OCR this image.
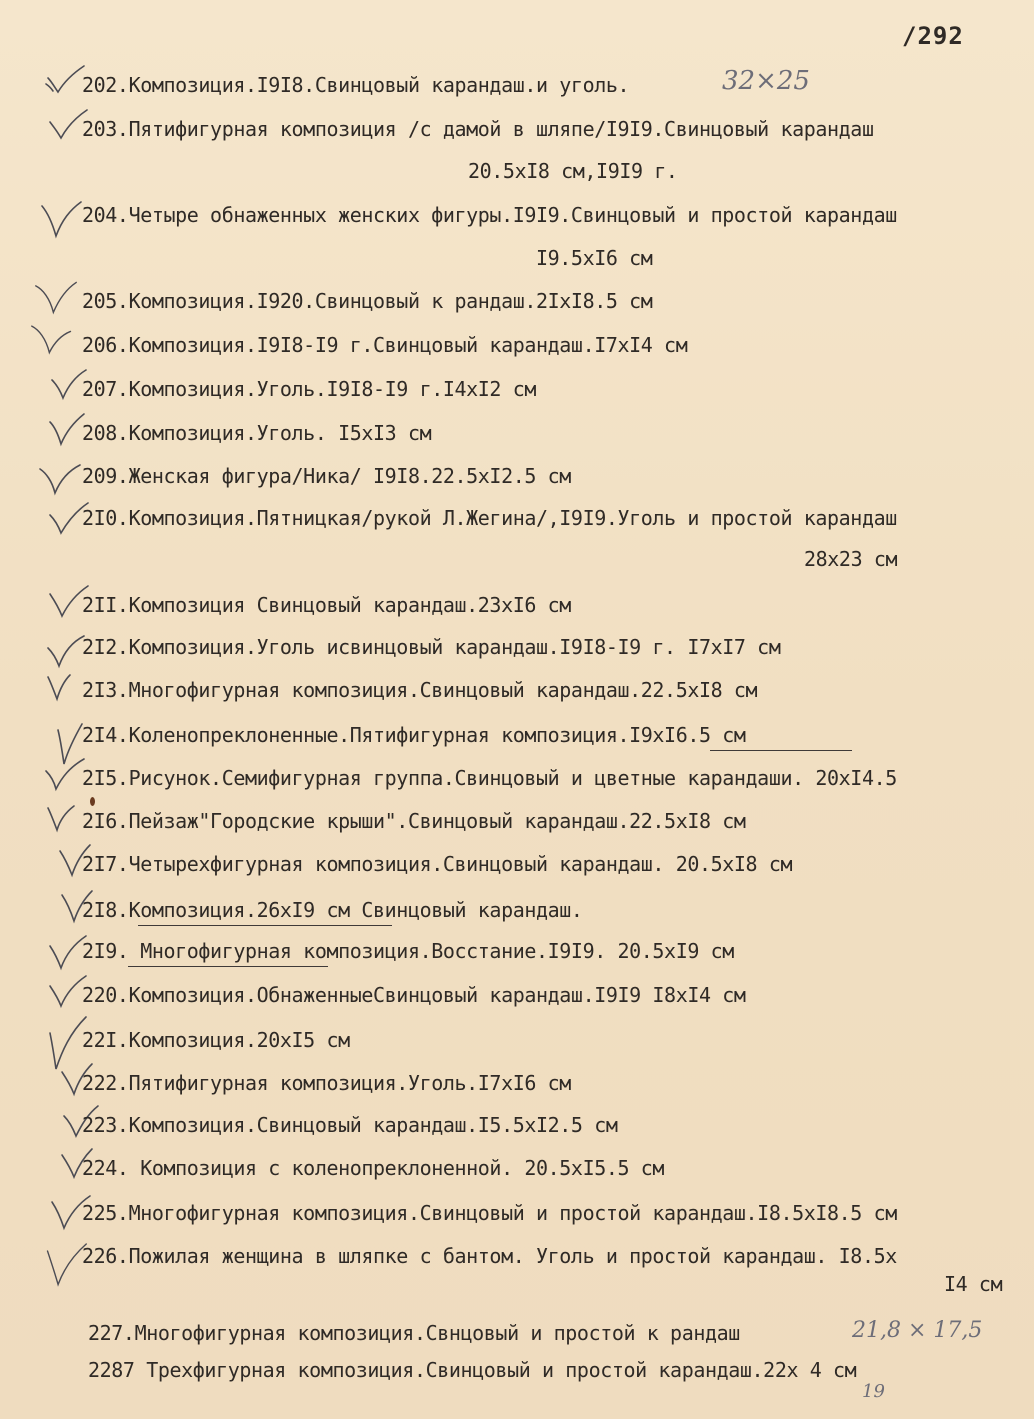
/292
202.Композиция.I9I8.Свинцовый карандаш.и уголь.	32×25
203.Пятифигурная композиция /с дамой в шляпе/I9I9.Свинцовый карандаш
20.5xI8 см,I9I9 г.
204.Четыре обнаженных женских фигуры.I9I9.Свинцовый и простой карандаш
I9.5xI6 см
205.Композиция.I920.Свинцовый к рандаш.2IxI8.5 см
206.Композиция.I9I8-I9 г.Свинцовый карандаш.I7xI4 см
207.Композиция.Уголь.I9I8-I9 г.I4xI2 см
208.Композиция.Уголь. I5xI3 см
209.Женская фигура/Ника/ I9I8.22.5xI2.5 см
2I0.Композиция.Пятницкая/рукой Л.Жегина/,I9I9.Уголь и простой карандаш
28x23 см
2II.Композиция Свинцовый карандаш.23xI6 см
2I2.Композиция.Уголь исвинцовый карандаш.I9I8-I9 г. I7xI7 см
2I3.Многофигурная композиция.Свинцовый карандаш.22.5xI8 см
2I4.Коленопреклоненные.Пятифигурная композиция.I9xI6.5 см
2I5.Рисунок.Семифигурная группа.Свинцовый и цветные карандаши. 20xI4.5
2I6.Пейзаж"Городские крыши".Свинцовый карандаш.22.5xI8 см
2I7.Четырехфигурная композиция.Свинцовый карандаш. 20.5xI8 см
2I8.Композиция.26xI9 см Свинцовый карандаш.
2I9. Многофигурная композиция.Восстание.I9I9. 20.5xI9 см
220.Композиция.ОбнаженныеСвинцовый карандаш.I9I9 I8xI4 см
22I.Композиция.20xI5 см
222.Пятифигурная композиция.Уголь.I7xI6 см
223.Композиция.Свинцовый карандаш.I5.5xI2.5 см
224. Композиция с коленопреклоненной. 20.5xI5.5 см
225.Многофигурная композиция.Свинцовый и простой карандаш.I8.5xI8.5 см
226.Пожилая женщина в шляпке с бантом. Уголь и простой карандаш. I8.5x
I4 см
227.Многофигурная композиция.Свнцовый и простой к рандаш	21,8 × 17,5
2287 Трехфигурная композиция.Свинцовый и простой карандаш.22x 4 см
19
